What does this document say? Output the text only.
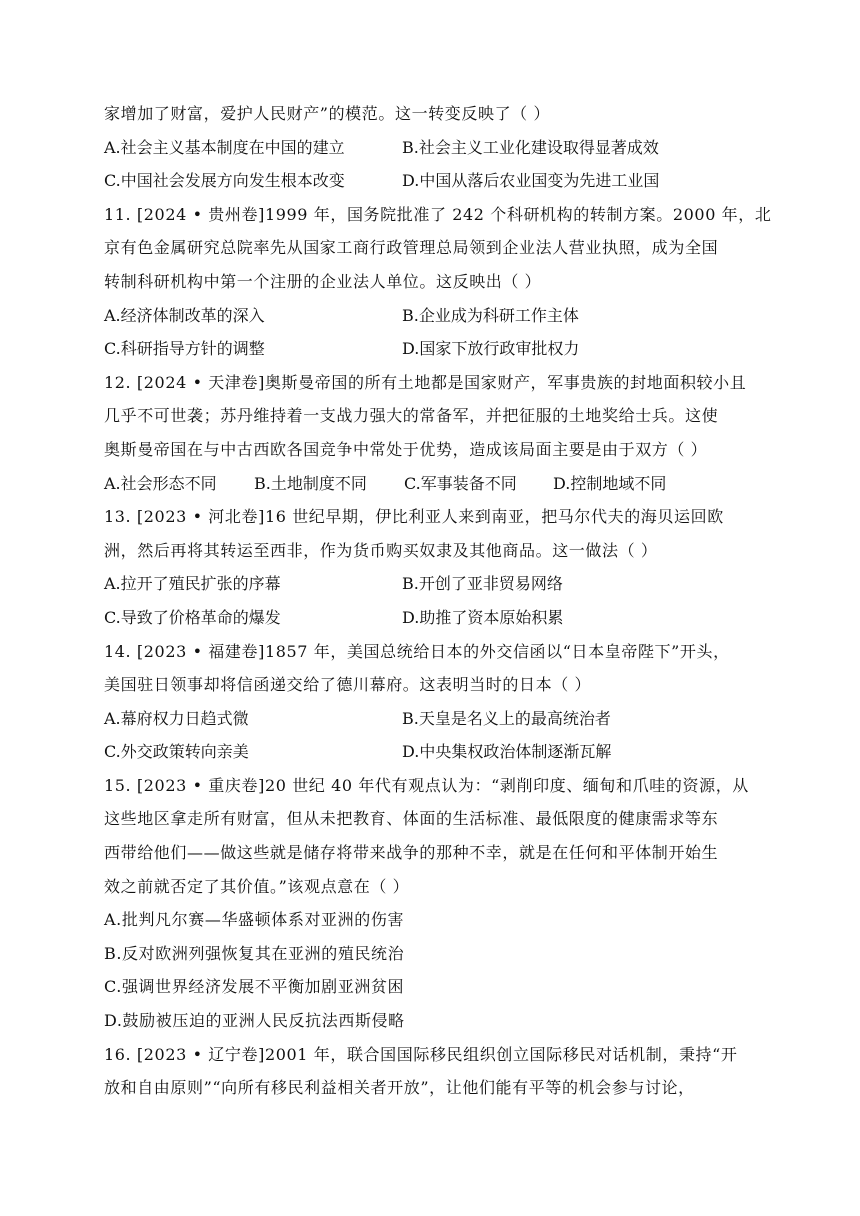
家增加了财富，爱护人民财产”的模范。这一转变反映了（ ）
A.社会主义基本制度在中国的建立	B.社会主义工业化建设取得显著成效
C.中国社会发展方向发生根本改变	D.中国从落后农业国变为先进工业国
11. [2024 • 贵州卷]1999 年，国务院批准了 242 个科研机构的转制方案。2000 年，北
京有色金属研究总院率先从国家工商行政管理总局领到企业法人营业执照，成为全国
转制科研机构中第一个注册的企业法人单位。这反映出（ ）
A.经济体制改革的深入	B.企业成为科研工作主体
C.科研指导方针的调整	D.国家下放行政审批权力
12. [2024 • 天津卷]奥斯曼帝国的所有土地都是国家财产，军事贵族的封地面积较小且
几乎不可世袭；苏丹维持着一支战力强大的常备军，并把征服的土地奖给士兵。这使
奥斯曼帝国在与中古西欧各国竞争中常处于优势，造成该局面主要是由于双方（ ）
A.社会形态不同 B.土地制度不同 C.军事装备不同 D.控制地域不同
13. [2023 • 河北卷]16 世纪早期，伊比利亚人来到南亚，把马尔代夫的海贝运回欧
洲，然后再将其转运至西非，作为货币购买奴隶及其他商品。这一做法（ ）
A.拉开了殖民扩张的序幕	B.开创了亚非贸易网络
C.导致了价格革命的爆发	D.助推了资本原始积累
14. [2023 • 福建卷]1857 年，美国总统给日本的外交信函以“日本皇帝陛下”开头，
美国驻日领事却将信函递交给了德川幕府。这表明当时的日本（ ）
A.幕府权力日趋式微	B.天皇是名义上的最高统治者
C.外交政策转向亲美	D.中央集权政治体制逐渐瓦解
15. [2023 • 重庆卷]20 世纪 40 年代有观点认为：“剥削印度、缅甸和爪哇的资源，从
这些地区拿走所有财富，但从未把教育、体面的生活标准、最低限度的健康需求等东
西带给他们——做这些就是储存将带来战争的那种不幸，就是在任何和平体制开始生
效之前就否定了其价值。”该观点意在（ ）
A.批判凡尔赛—华盛顿体系对亚洲的伤害
B.反对欧洲列强恢复其在亚洲的殖民统治
C.强调世界经济发展不平衡加剧亚洲贫困
D.鼓励被压迫的亚洲人民反抗法西斯侵略
16. [2023 • 辽宁卷]2001 年，联合国国际移民组织创立国际移民对话机制，秉持“开
放和自由原则”“向所有移民利益相关者开放”，让他们能有平等的机会参与讨论，
